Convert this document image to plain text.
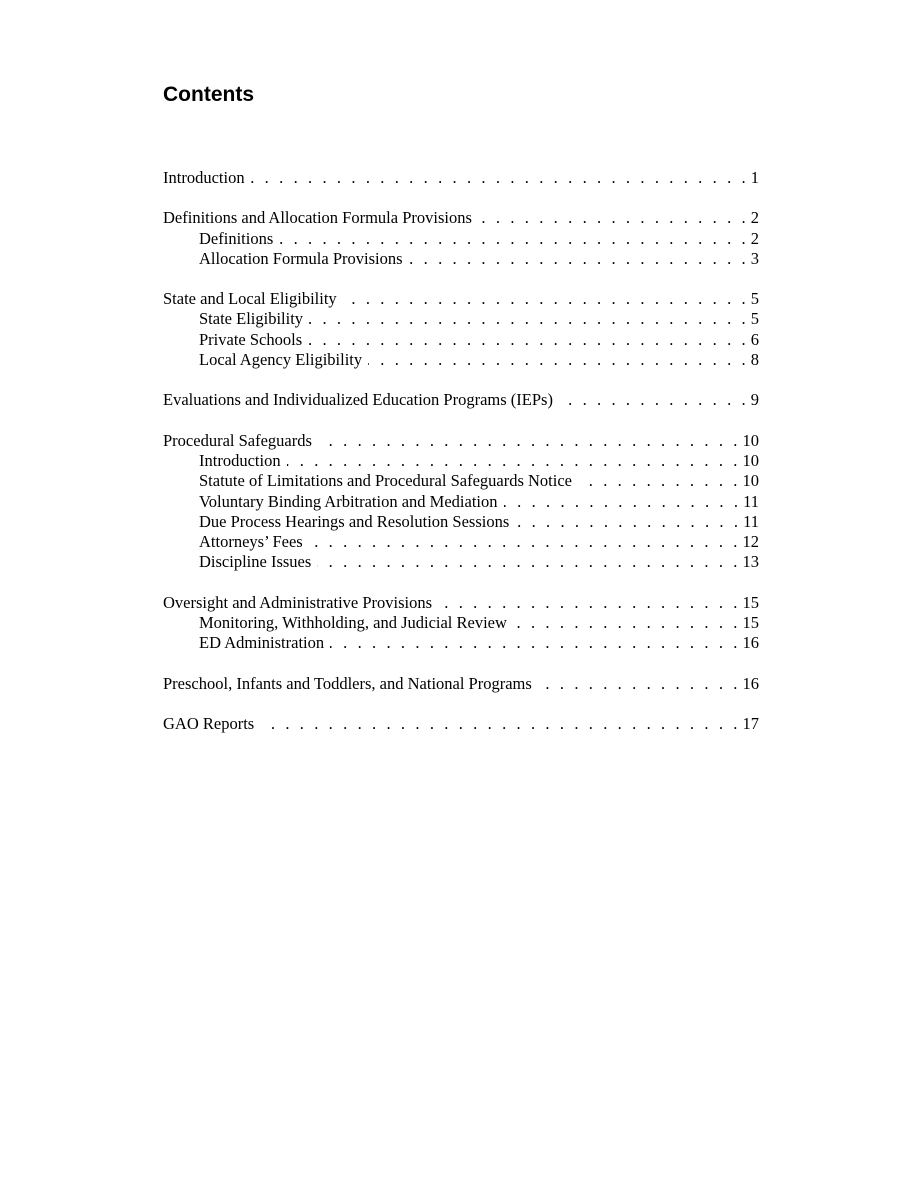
Contents
Introduction . . .	1
Definitions and Allocation Formula Provisions . . .	2
Definitions . . .	2
Allocation Formula Provisions . . .	3
State and Local Eligibility . . .	5
State Eligibility . . .	5
Private Schools . . .	6
Local Agency Eligibility . . .	8
Evaluations and Individualized Education Programs (IEPs) . . .	9
Procedural Safeguards . . .	10
Introduction . . .	10
Statute of Limitations and Procedural Safeguards Notice . . .	10
Voluntary Binding Arbitration and Mediation . . .	11
Due Process Hearings and Resolution Sessions . . .	11
Attorneys’ Fees . . .	12
Discipline Issues . . .	13
Oversight and Administrative Provisions . . .	15
Monitoring, Withholding, and Judicial Review . . .	15
ED Administration . . .	16
Preschool, Infants and Toddlers, and National Programs . . .	16
GAO Reports . . .	17
